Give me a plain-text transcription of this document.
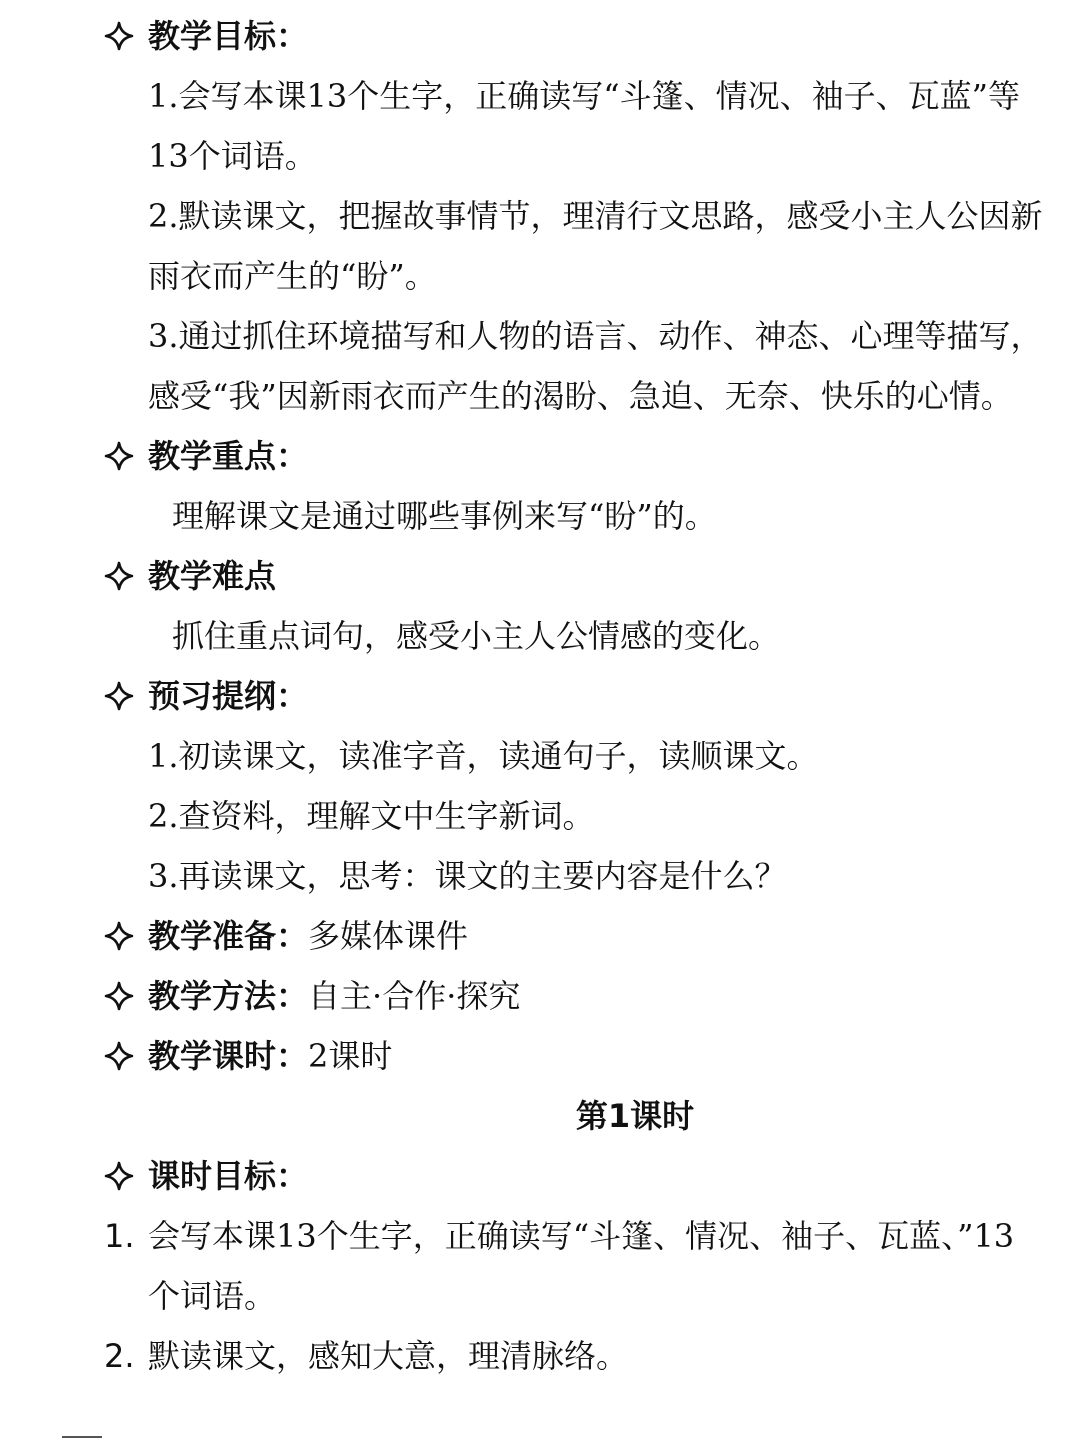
教学目标 ：
1.会写本课13个生字，正确读写“斗篷、情况、袖子、瓦蓝”等
13个词语。
2.默读课文，把握故事情节，理清行文思路，感受小主人公因新
雨衣而产生的“盼”。
3.通过抓住环境描写和人物的语言、动作、神态、心理等描写，
感受“我”因新雨衣而产生的渴盼、急迫、无奈、快乐的心情。
教学重点 ：
理解课文是通过哪些事例来写“盼”的。
教学难点
抓住重点词句，感受小主人公情感的变化。
预习提纲 ：
1.初读课文，读准字音，读通句子，读顺课文。
2.查资料，理解文中生字新词。
3.再读课文，思考：课文的主要内容是什么？
教学准备 ： 多媒体课件
教学方法 ： 自主·合作·探究
教学课时 ： 2课时
第1课时
课时目标 ：
1. 会写本课13个生字，正确读写“斗篷、情况、袖子、瓦蓝、”13
个词语。
2. 默读课文，感知大意，理清脉络。
